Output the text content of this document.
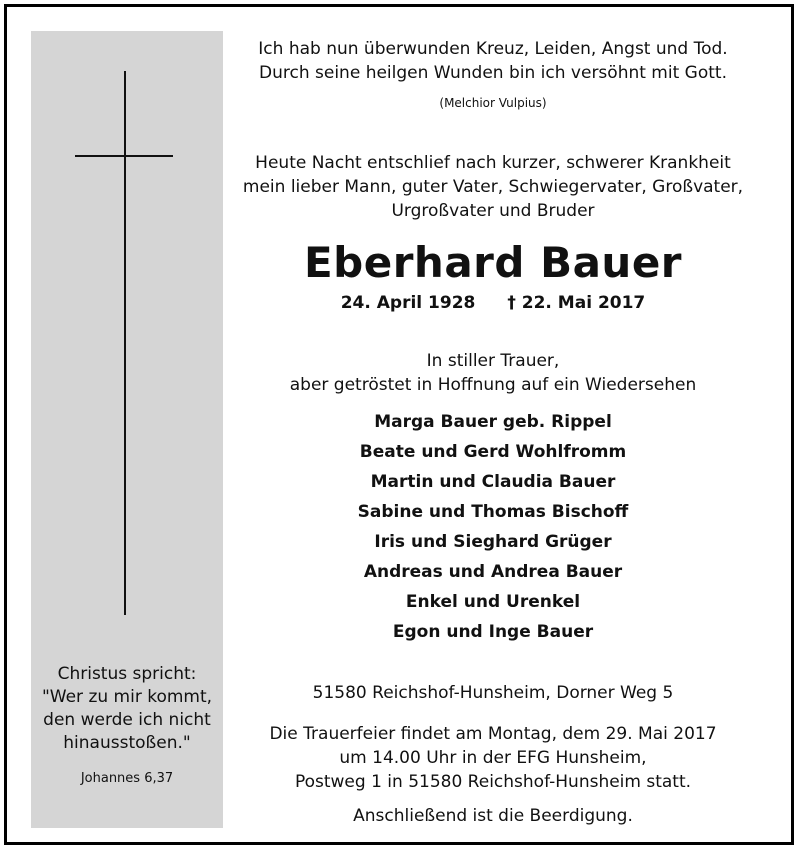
Christus spricht:
"Wer zu mir kommt,
den werde ich nicht
hinausstoßen."
Johannes 6,37
Ich hab nun überwunden Kreuz, Leiden, Angst und Tod.
Durch seine heilgen Wunden bin ich versöhnt mit Gott.
(Melchior Vulpius)
Heute Nacht entschlief nach kurzer, schwerer Krankheit
mein lieber Mann, guter Vater, Schwiegervater, Großvater,
Urgroßvater und Bruder
Eberhard Bauer
24. April 1928 † 22. Mai 2017
In stiller Trauer,
aber getröstet in Hoffnung auf ein Wiedersehen
Marga Bauer geb. Rippel
Beate und Gerd Wohlfromm
Martin und Claudia Bauer
Sabine und Thomas Bischoff
Iris und Sieghard Grüger
Andreas und Andrea Bauer
Enkel und Urenkel
Egon und Inge Bauer
51580 Reichshof-Hunsheim, Dorner Weg 5
Die Trauerfeier findet am Montag, dem 29. Mai 2017
um 14.00 Uhr in der EFG Hunsheim,
Postweg 1 in 51580 Reichshof-Hunsheim statt.
Anschließend ist die Beerdigung.
